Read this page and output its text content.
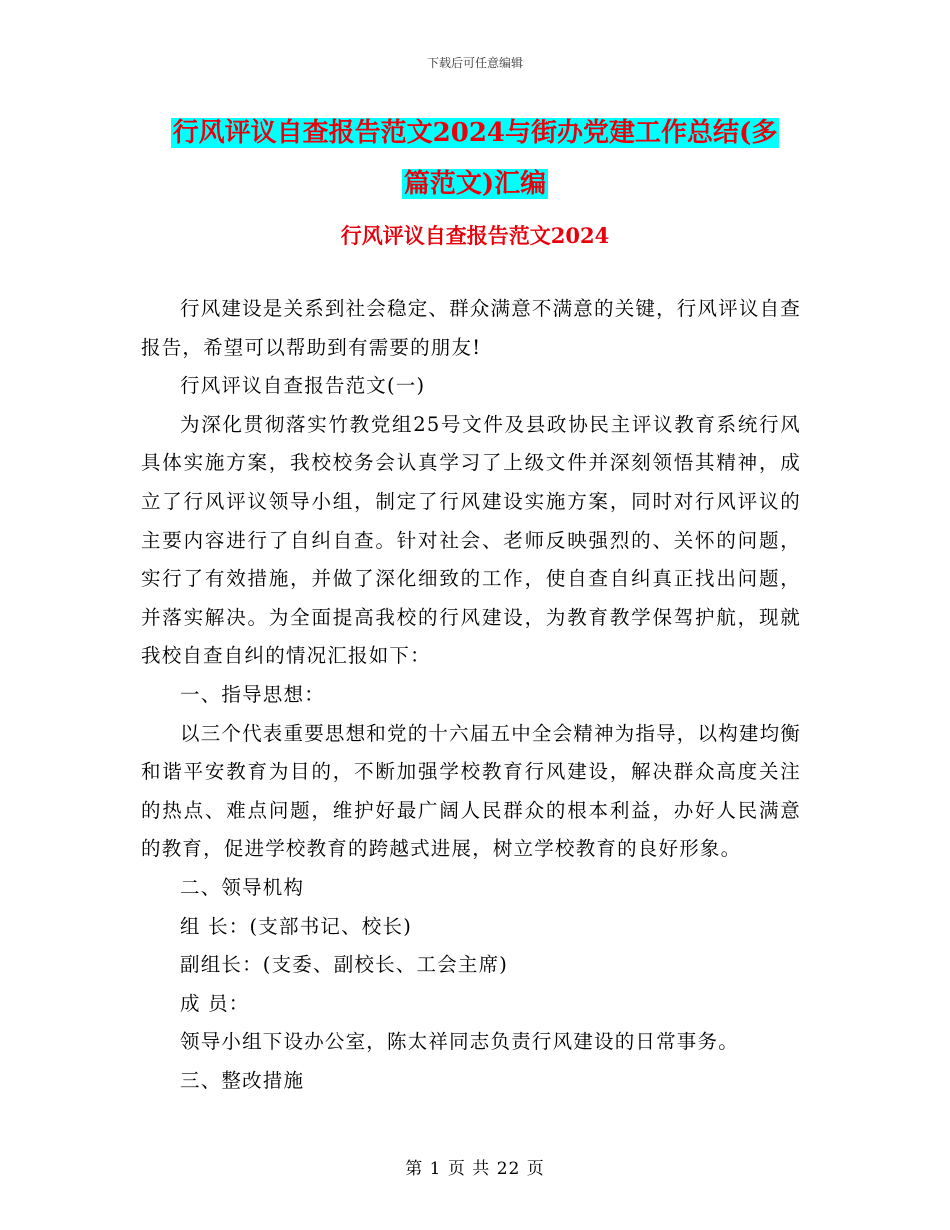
下载后可任意编辑
行风评议自查报告范文2024与街办党建工作总结(多
篇范文)汇编
行风评议自查报告范文2024

行风建设是关系到社会稳定、群众满意不满意的关键，行风评议自查报告，希望可以帮助到有需要的朋友!

行风评议自查报告范文(一)

为深化贯彻落实竹教党组25号文件及县政协民主评议教育系统行风具体实施方案，我校校务会认真学习了上级文件并深刻领悟其精神，成立了行风评议领导小组，制定了行风建设实施方案，同时对行风评议的主要内容进行了自纠自查。针对社会、老师反映强烈的、关怀的问题，实行了有效措施，并做了深化细致的工作，使自查自纠真正找出问题，并落实解决。为全面提高我校的行风建设，为教育教学保驾护航，现就我校自查自纠的情况汇报如下：

一、指导思想：

以三个代表重要思想和党的十六届五中全会精神为指导，以构建均衡和谐平安教育为目的，不断加强学校教育行风建设，解决群众高度关注的热点、难点问题，维护好最广阔人民群众的根本利益，办好人民满意的教育，促进学校教育的跨越式进展，树立学校教育的良好形象。

二、领导机构

组 长：(支部书记、校长)

副组长：(支委、副校长、工会主席)

成 员：

领导小组下设办公室，陈太祥同志负责行风建设的日常事务。

三、整改措施

第 1 页 共 22 页
